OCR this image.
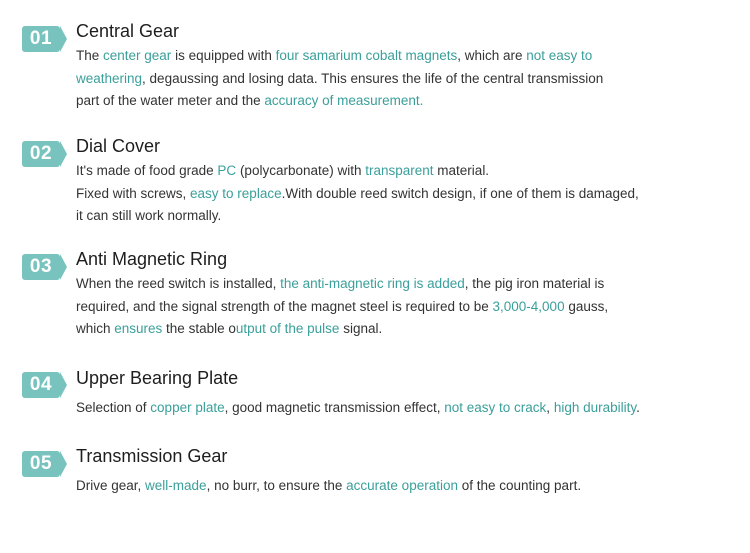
01	Central Gear
The center gear is equipped with four samarium cobalt magnets, which are not easy to
weathering, degaussing and losing data. This ensures the life of the central transmission
part of the water meter and the accuracy of measurement.
02	Dial Cover
It's made of food grade PC (polycarbonate) with transparent material.
Fixed with screws, easy to replace.With double reed switch design, if one of them is damaged,
it can still work normally.
03	Anti Magnetic Ring
When the reed switch is installed, the anti-magnetic ring is added, the pig iron material is
required, and the signal strength of the magnet steel is required to be 3,000-4,000 gauss,
which ensures the stable output of the pulse signal.
04	Upper Bearing Plate
Selection of copper plate, good magnetic transmission effect, not easy to crack, high durability.
05	Transmission Gear
Drive gear, well-made, no burr, to ensure the accurate operation of the counting part.
